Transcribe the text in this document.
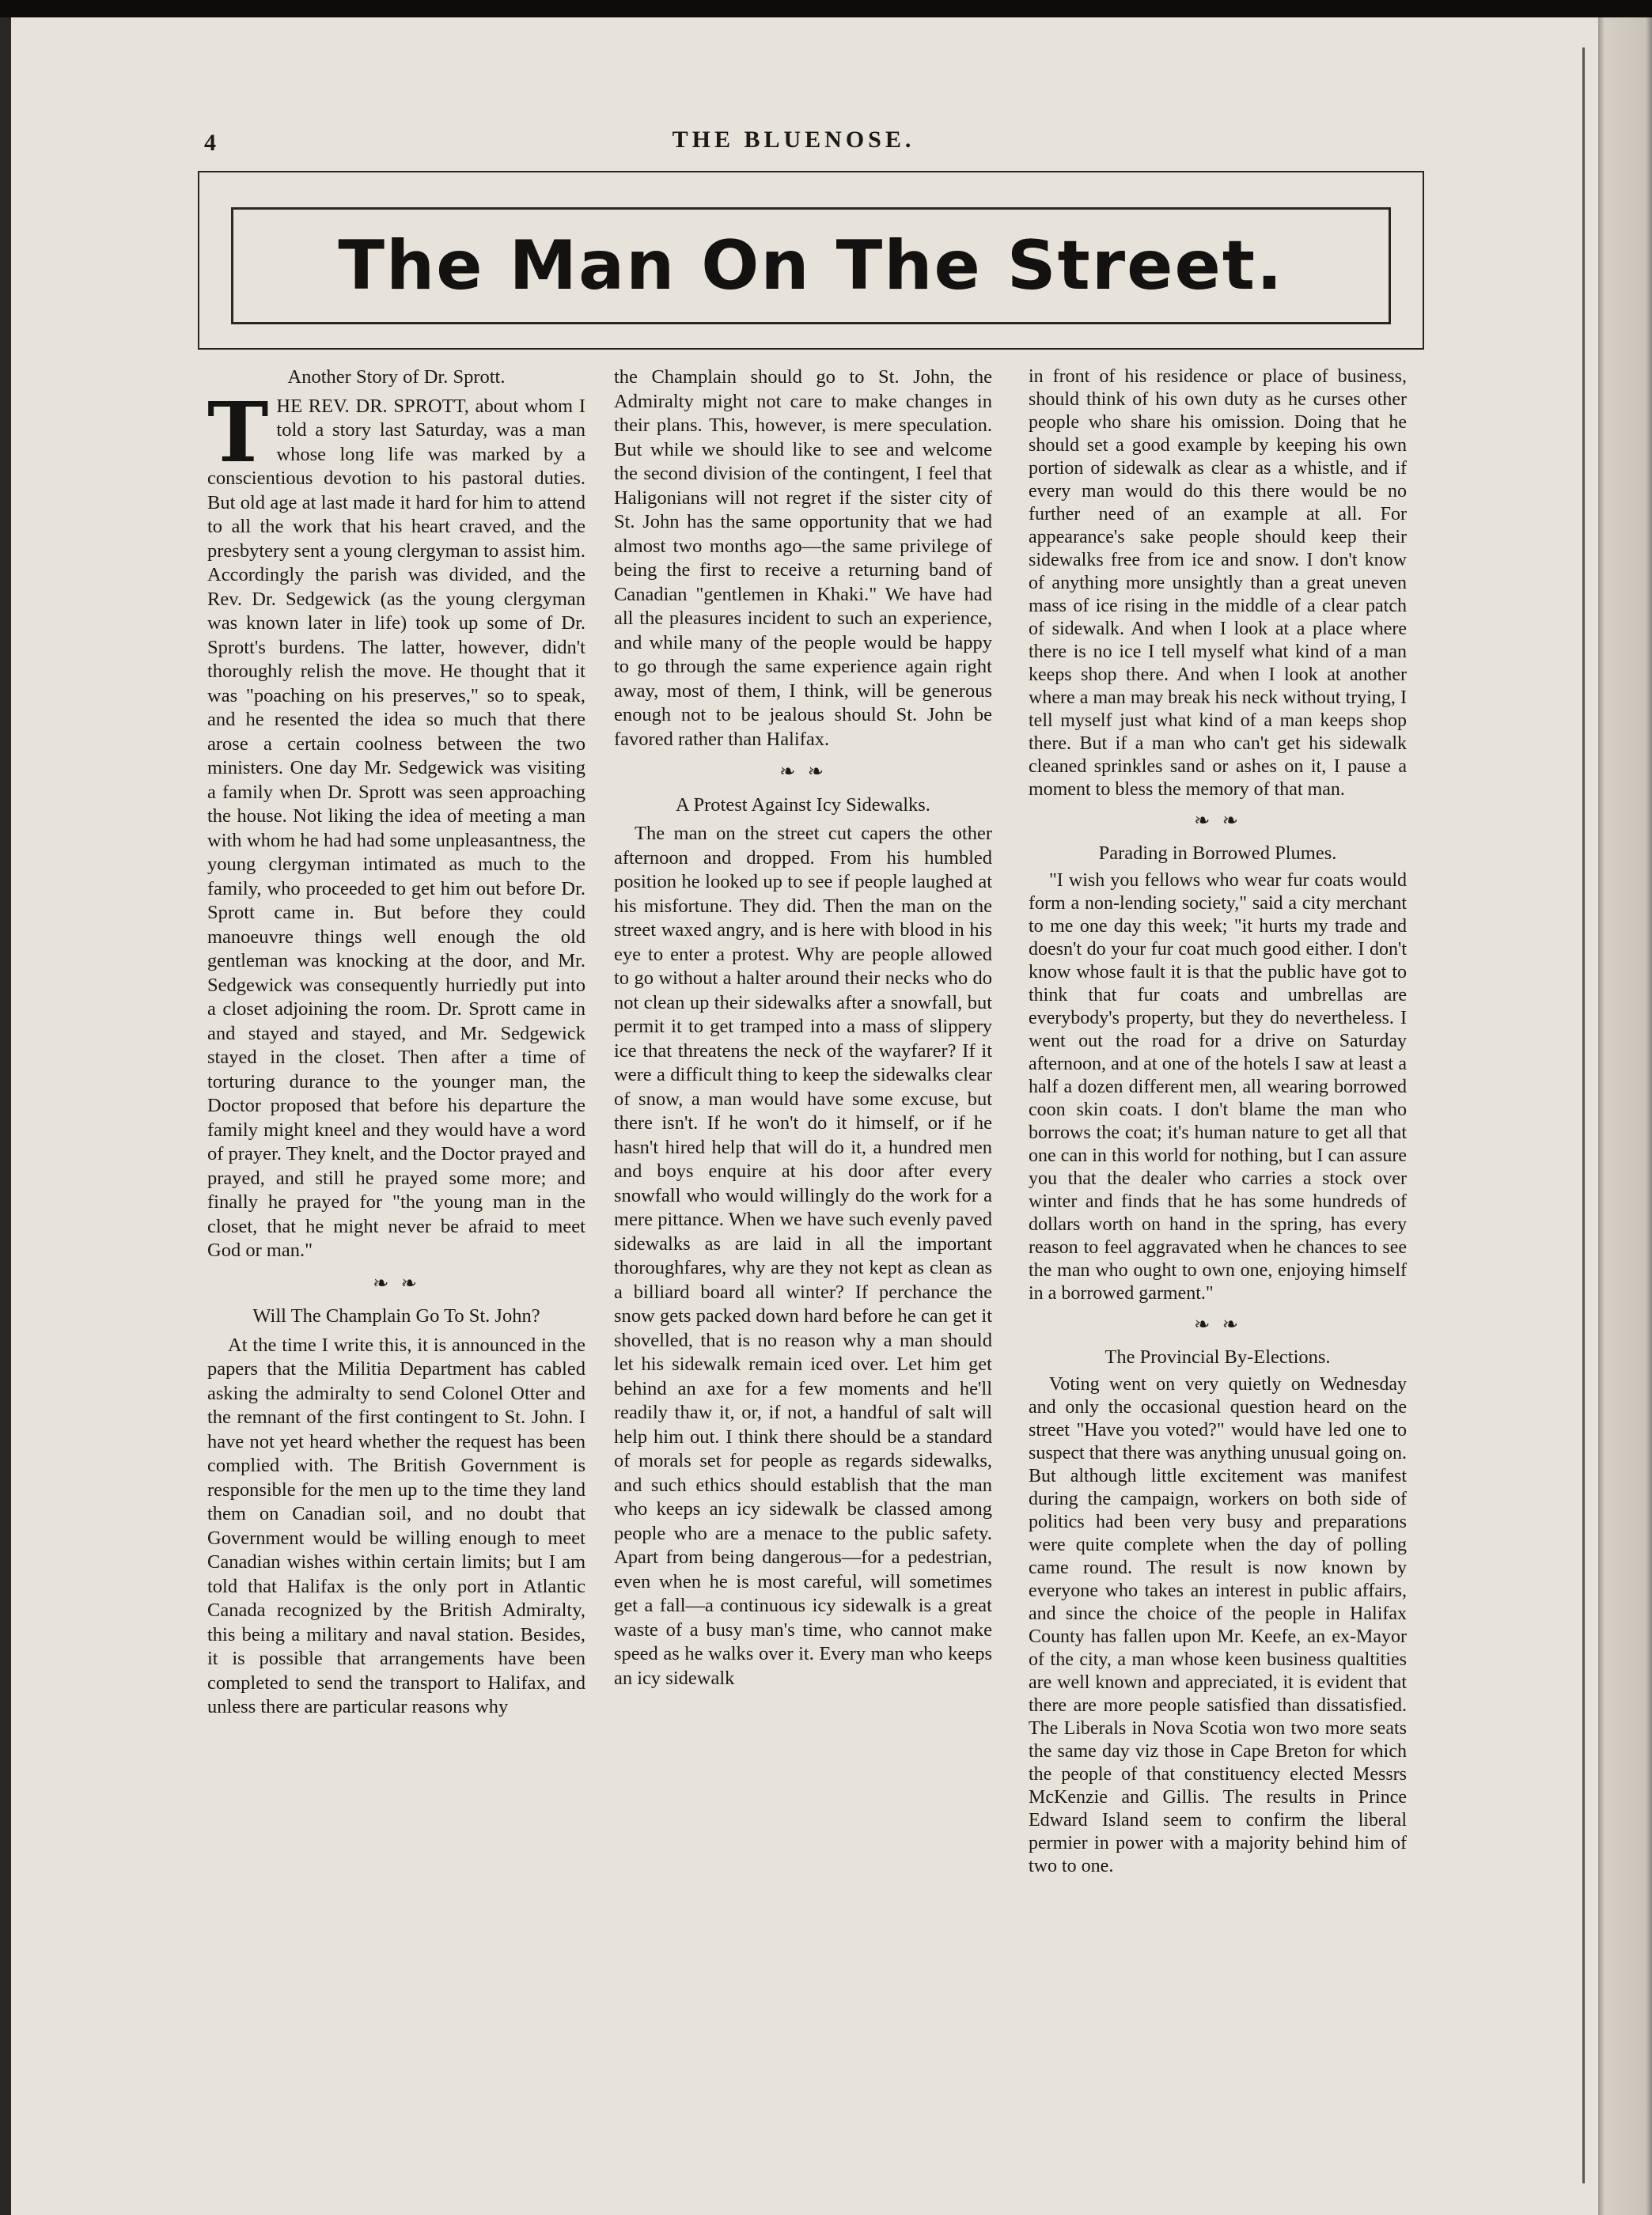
4	THE BLUENOSE.
The Man On The Street.
Another Story of Dr. Sprott.

THE REV. DR. SPROTT, about whom I told a story last Saturday, was a man whose long life was marked by a conscientious devotion to his pastoral duties. But old age at last made it hard for him to attend to all the work that his heart craved, and the presbytery sent a young clergyman to assist him. Accordingly the parish was divided, and the Rev. Dr. Sedgewick (as the young clergyman was known later in life) took up some of Dr. Sprott's burdens. The latter, however, didn't thoroughly relish the move. He thought that it was "poaching on his preserves," so to speak, and he resented the idea so much that there arose a certain coolness between the two ministers. One day Mr. Sedgewick was visiting a family when Dr. Sprott was seen approaching the house. Not liking the idea of meeting a man with whom he had had some unpleasantness, the young clergyman intimated as much to the family, who proceeded to get him out before Dr. Sprott came in. But before they could manoeuvre things well enough the old gentleman was knocking at the door, and Mr. Sedgewick was consequently hurriedly put into a closet adjoining the room. Dr. Sprott came in and stayed and stayed, and Mr. Sedgewick stayed in the closet. Then after a time of torturing durance to the younger man, the Doctor proposed that before his departure the family might kneel and they would have a word of prayer. They knelt, and the Doctor prayed and prayed, and still he prayed some more; and finally he prayed for "the young man in the closet, that he might never be afraid to meet God or man."

❧ ❧
Will The Champlain Go To St. John?

At the time I write this, it is announced in the papers that the Militia Department has cabled asking the admiralty to send Colonel Otter and the remnant of the first contingent to St. John. I have not yet heard whether the request has been complied with. The British Government is responsible for the men up to the time they land them on Canadian soil, and no doubt that Government would be willing enough to meet Canadian wishes within certain limits; but I am told that Halifax is the only port in Atlantic Canada recognized by the British Admiralty, this being a military and naval station. Besides, it is possible that arrangements have been completed to send the transport to Halifax, and unless there are particular reasons why

the Champlain should go to St. John, the Admiralty might not care to make changes in their plans. This, however, is mere speculation. But while we should like to see and welcome the second division of the contingent, I feel that Haligonians will not regret if the sister city of St. John has the same opportunity that we had almost two months ago—the same privilege of being the first to receive a returning band of Canadian "gentlemen in Khaki." We have had all the pleasures incident to such an experience, and while many of the people would be happy to go through the same experience again right away, most of them, I think, will be generous enough not to be jealous should St. John be favored rather than Halifax.

❧ ❧
A Protest Against Icy Sidewalks.

The man on the street cut capers the other afternoon and dropped. From his humbled position he looked up to see if people laughed at his misfortune. They did. Then the man on the street waxed angry, and is here with blood in his eye to enter a protest. Why are people allowed to go without a halter around their necks who do not clean up their sidewalks after a snowfall, but permit it to get tramped into a mass of slippery ice that threatens the neck of the wayfarer? If it were a difficult thing to keep the sidewalks clear of snow, a man would have some excuse, but there isn't. If he won't do it himself, or if he hasn't hired help that will do it, a hundred men and boys enquire at his door after every snowfall who would willingly do the work for a mere pittance. When we have such evenly paved sidewalks as are laid in all the important thoroughfares, why are they not kept as clean as a billiard board all winter? If perchance the snow gets packed down hard before he can get it shovelled, that is no reason why a man should let his sidewalk remain iced over. Let him get behind an axe for a few moments and he'll readily thaw it, or, if not, a handful of salt will help him out. I think there should be a standard of morals set for people as regards sidewalks, and such ethics should establish that the man who keeps an icy sidewalk be classed among people who are a menace to the public safety. Apart from being dangerous—for a pedestrian, even when he is most careful, will sometimes get a fall—a continuous icy sidewalk is a great waste of a busy man's time, who cannot make speed as he walks over it. Every man who keeps an icy sidewalk

in front of his residence or place of business, should think of his own duty as he curses other people who share his omission. Doing that he should set a good example by keeping his own portion of sidewalk as clear as a whistle, and if every man would do this there would be no further need of an example at all. For appearance's sake people should keep their sidewalks free from ice and snow. I don't know of anything more unsightly than a great uneven mass of ice rising in the middle of a clear patch of sidewalk. And when I look at a place where there is no ice I tell myself what kind of a man keeps shop there. And when I look at another where a man may break his neck without trying, I tell myself just what kind of a man keeps shop there. But if a man who can't get his sidewalk cleaned sprinkles sand or ashes on it, I pause a moment to bless the memory of that man.

❧ ❧
Parading in Borrowed Plumes.

"I wish you fellows who wear fur coats would form a non-lending society," said a city merchant to me one day this week; "it hurts my trade and doesn't do your fur coat much good either. I don't know whose fault it is that the public have got to think that fur coats and umbrellas are everybody's property, but they do nevertheless. I went out the road for a drive on Saturday afternoon, and at one of the hotels I saw at least a half a dozen different men, all wearing borrowed coon skin coats. I don't blame the man who borrows the coat; it's human nature to get all that one can in this world for nothing, but I can assure you that the dealer who carries a stock over winter and finds that he has some hundreds of dollars worth on hand in the spring, has every reason to feel aggravated when he chances to see the man who ought to own one, enjoying himself in a borrowed garment."

❧ ❧
The Provincial By-Elections.

Voting went on very quietly on Wednesday and only the occasional question heard on the street "Have you voted?" would have led one to suspect that there was anything unusual going on. But although little excitement was manifest during the campaign, workers on both side of politics had been very busy and preparations were quite complete when the day of polling came round. The result is now known by everyone who takes an interest in public affairs, and since the choice of the people in Halifax County has fallen upon Mr. Keefe, an ex-Mayor of the city, a man whose keen business qualtities are well known and appreciated, it is evident that there are more people satisfied than dissatisfied. The Liberals in Nova Scotia won two more seats the same day viz those in Cape Breton for which the people of that constituency elected Messrs McKenzie and Gillis. The results in Prince Edward Island seem to confirm the liberal permier in power with a majority behind him of two to one.
